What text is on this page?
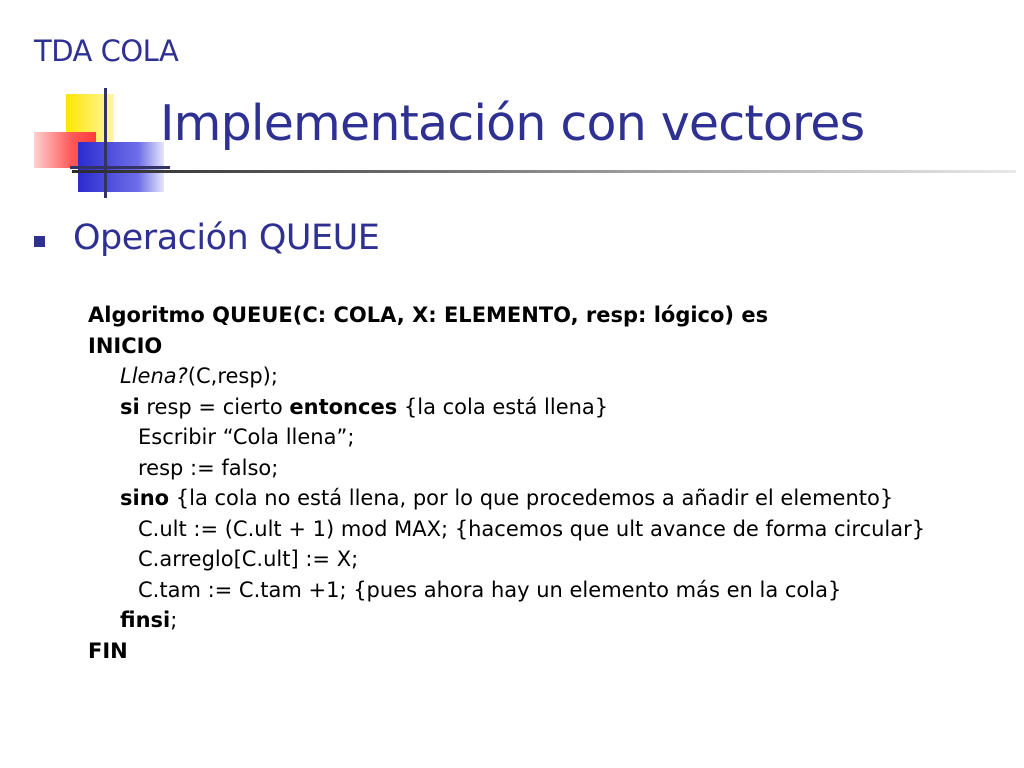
TDA COLA
Implementación con vectores
Operación QUEUE
Algoritmo QUEUE(C: COLA, X: ELEMENTO, resp: lógico) es
INICIO
Llena?(C,resp);
si resp = cierto entonces {la cola está llena}
Escribir “Cola llena”;
resp := falso;
sino {la cola no está llena, por lo que procedemos a añadir el elemento}
C.ult := (C.ult + 1) mod MAX; {hacemos que ult avance de forma circular}
C.arreglo[C.ult] := X;
C.tam := C.tam +1; {pues ahora hay un elemento más en la cola}
finsi;
FIN
